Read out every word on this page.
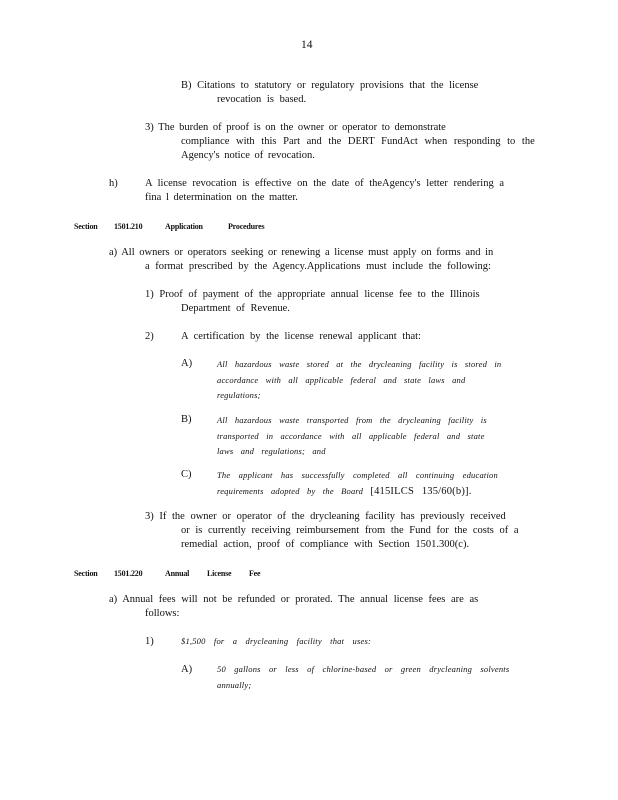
14
B) Citations to statutory or regulatory provisions that the license
revocation is based.
3) The burden of proof is on the owner or operator to demonstrate
compliance with this Part and the DERT FundAct when responding to the
Agency's notice of revocation.
h)	A license revocation is effective on the date of theAgency's letter rendering a
fina l determination on the matter.
Section 1501.210	Application	Procedures
a) All owners or operators seeking or renewing a license must apply on forms and in
a format prescribed by the Agency.Applications must include the following:
1) Proof of payment of the appropriate annual license fee to the Illinois
Department of Revenue.
2)	A certification by the license renewal applicant that:
A)	All hazardous waste stored at the drycleaning facility is stored in
accordance with all applicable federal and state laws and
regulations;
B)	All hazardous waste transported from the drycleaning facility is
transported in accordance with all applicable federal and state
laws and regulations; and
C)	The applicant has successfully completed all continuing education
requirements adopted by the Board [415ILCS 135/60(b)].
3) If the owner or operator of the drycleaning facility has previously received
or is currently receiving reimbursement from the Fund for the costs of a
remedial action, proof of compliance with Section 1501.300(c).
Section 1501.220	Annual License Fee
a) Annual fees will not be refunded or prorated. The annual license fees are as
follows:
1)	$1,500 for a drycleaning facility that uses:
A)	50 gallons or less of chlorine-based or green drycleaning solvents
annually;
